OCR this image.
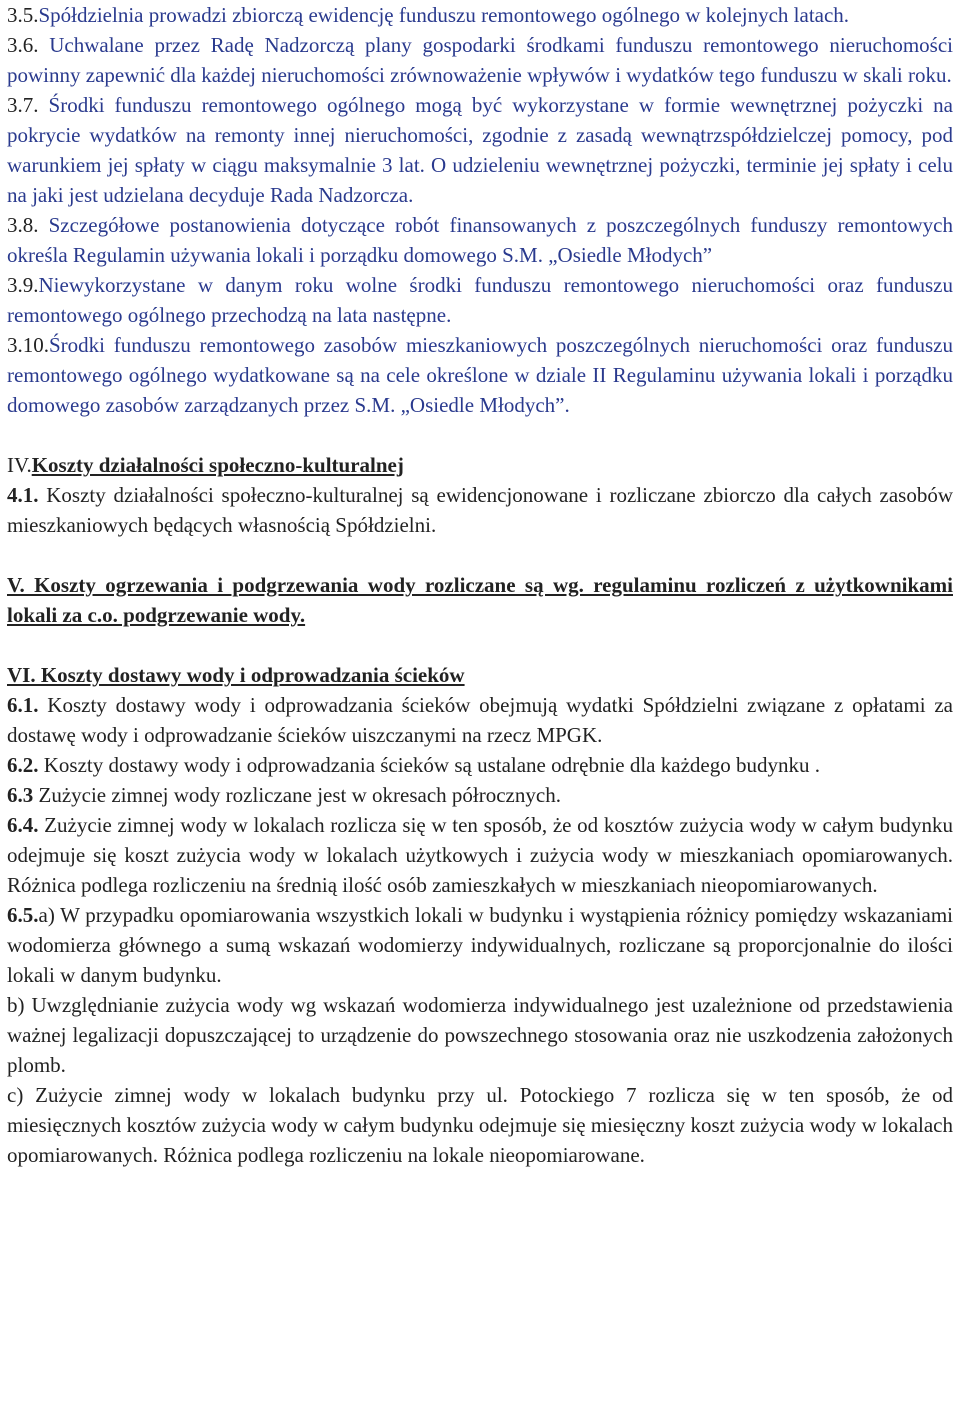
3.5.Spółdzielnia prowadzi zbiorczą ewidencję funduszu remontowego ogólnego w kolejnych latach.

3.6. Uchwalane przez Radę Nadzorczą plany gospodarki środkami funduszu remontowego nieruchomości powinny zapewnić dla każdej nieruchomości zrównoważenie wpływów i wydatków tego funduszu w skali roku.

3.7. Środki funduszu remontowego ogólnego mogą być wykorzystane w formie wewnętrznej pożyczki na pokrycie wydatków na remonty innej nieruchomości, zgodnie z zasadą wewnątrzspółdzielczej pomocy, pod warunkiem jej spłaty w ciągu maksymalnie 3 lat. O udzieleniu wewnętrznej pożyczki, terminie jej spłaty i celu na jaki jest udzielana decyduje Rada Nadzorcza.

3.8. Szczegółowe postanowienia dotyczące robót finansowanych z poszczególnych funduszy remontowych określa Regulamin używania lokali i porządku domowego S.M. „Osiedle Młodych”

3.9.Niewykorzystane w danym roku wolne środki funduszu remontowego nieruchomości oraz funduszu remontowego ogólnego przechodzą na lata następne.

3.10.Środki funduszu remontowego zasobów mieszkaniowych poszczególnych nieruchomości oraz funduszu remontowego ogólnego wydatkowane są na cele określone w dziale II Regulaminu używania lokali i porządku domowego zasobów zarządzanych przez S.M. „Osiedle Młodych”.

IV.Koszty działalności społeczno-kulturalnej

4.1. Koszty działalności społeczno-kulturalnej są ewidencjonowane i rozliczane zbiorczo dla całych zasobów mieszkaniowych będących własnością Spółdzielni.

V. Koszty ogrzewania i podgrzewania wody rozliczane są wg. regulaminu rozliczeń z użytkownikami lokali za c.o. podgrzewanie wody.

VI. Koszty dostawy wody i odprowadzania ścieków

6.1. Koszty dostawy wody i odprowadzania ścieków obejmują wydatki Spółdzielni związane z opłatami za dostawę wody i odprowadzanie ścieków uiszczanymi na rzecz MPGK.

6.2. Koszty dostawy wody i odprowadzania ścieków są ustalane odrębnie dla każdego budynku .

6.3 Zużycie zimnej wody rozliczane jest w okresach półrocznych.

6.4. Zużycie zimnej wody w lokalach rozlicza się w ten sposób, że od kosztów zużycia wody w całym budynku odejmuje się koszt zużycia wody w lokalach użytkowych i zużycia wody w mieszkaniach opomiarowanych. Różnica podlega rozliczeniu na średnią ilość osób zamieszkałych w mieszkaniach nieopomiarowanych.

6.5.a) W przypadku opomiarowania wszystkich lokali w budynku i wystąpienia różnicy pomiędzy wskazaniami wodomierza głównego a sumą wskazań wodomierzy indywidualnych, rozliczane są proporcjonalnie do ilości lokali w danym budynku.

b) Uwzględnianie zużycia wody wg wskazań wodomierza indywidualnego jest uzależnione od przedstawienia ważnej legalizacji dopuszczającej to urządzenie do powszechnego stosowania oraz nie uszkodzenia założonych plomb.

c) Zużycie zimnej wody w lokalach budynku przy ul. Potockiego 7 rozlicza się w ten sposób, że od miesięcznych kosztów zużycia wody w całym budynku odejmuje się miesięczny koszt zużycia wody w lokalach opomiarowanych. Różnica podlega rozliczeniu na lokale nieopomiarowane.
